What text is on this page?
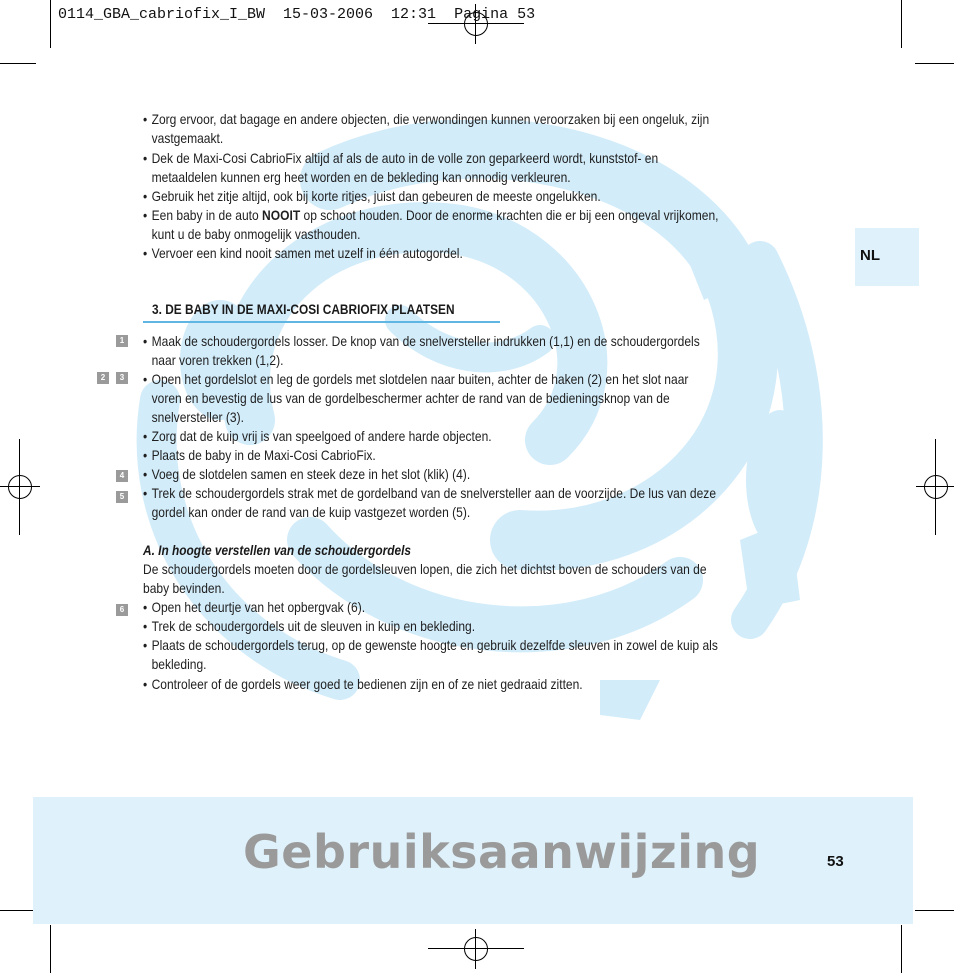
0114_GBA_cabriofix_I_BW  15-03-2006  12:31  Pagina 53
NL
• Zorg ervoor, dat bagage en andere objecten, die verwondingen kunnen veroorzaken bij een ongeluk, zijn
vastgemaakt.
• Dek de Maxi-Cosi CabrioFix altijd af als de auto in de volle zon geparkeerd wordt, kunststof- en
metaaldelen kunnen erg heet worden en de bekleding kan onnodig verkleuren.
• Gebruik het zitje altijd, ook bij korte ritjes, juist dan gebeuren de meeste ongelukken.
• Een baby in de auto NOOIT op schoot houden. Door de enorme krachten die er bij een ongeval vrijkomen,
kunt u de baby onmogelijk vasthouden.
• Vervoer een kind nooit samen met uzelf in één autogordel.
3. DE BABY IN DE MAXI-COSI CABRIOFIX PLAATSEN
1
2	3
4
5
6
• Maak de schoudergordels losser. De knop van de snelversteller indrukken (1,1) en de schoudergordels
naar voren trekken (1,2).
• Open het gordelslot en leg de gordels met slotdelen naar buiten, achter de haken (2) en het slot naar
voren en bevestig de lus van de gordelbeschermer achter de rand van de bedieningsknop van de
snelversteller (3).
• Zorg dat de kuip vrij is van speelgoed of andere harde objecten.
• Plaats de baby in de Maxi-Cosi CabrioFix.
• Voeg de slotdelen samen en steek deze in het slot (klik) (4).
• Trek de schoudergordels strak met de gordelband van de snelversteller aan de voorzijde. De lus van deze
gordel kan onder de rand van de kuip vastgezet worden (5).
A. In hoogte verstellen van de schoudergordels
De schoudergordels moeten door de gordelsleuven lopen, die zich het dichtst boven de schouders van de
baby bevinden.
• Open het deurtje van het opbergvak (6).
• Trek de schoudergordels uit de sleuven in kuip en bekleding.
• Plaats de schoudergordels terug, op de gewenste hoogte en gebruik dezelfde sleuven in zowel de kuip als
bekleding.
• Controleer of de gordels weer goed te bedienen zijn en of ze niet gedraaid zitten.
Gebruiksaanwijzing	53
